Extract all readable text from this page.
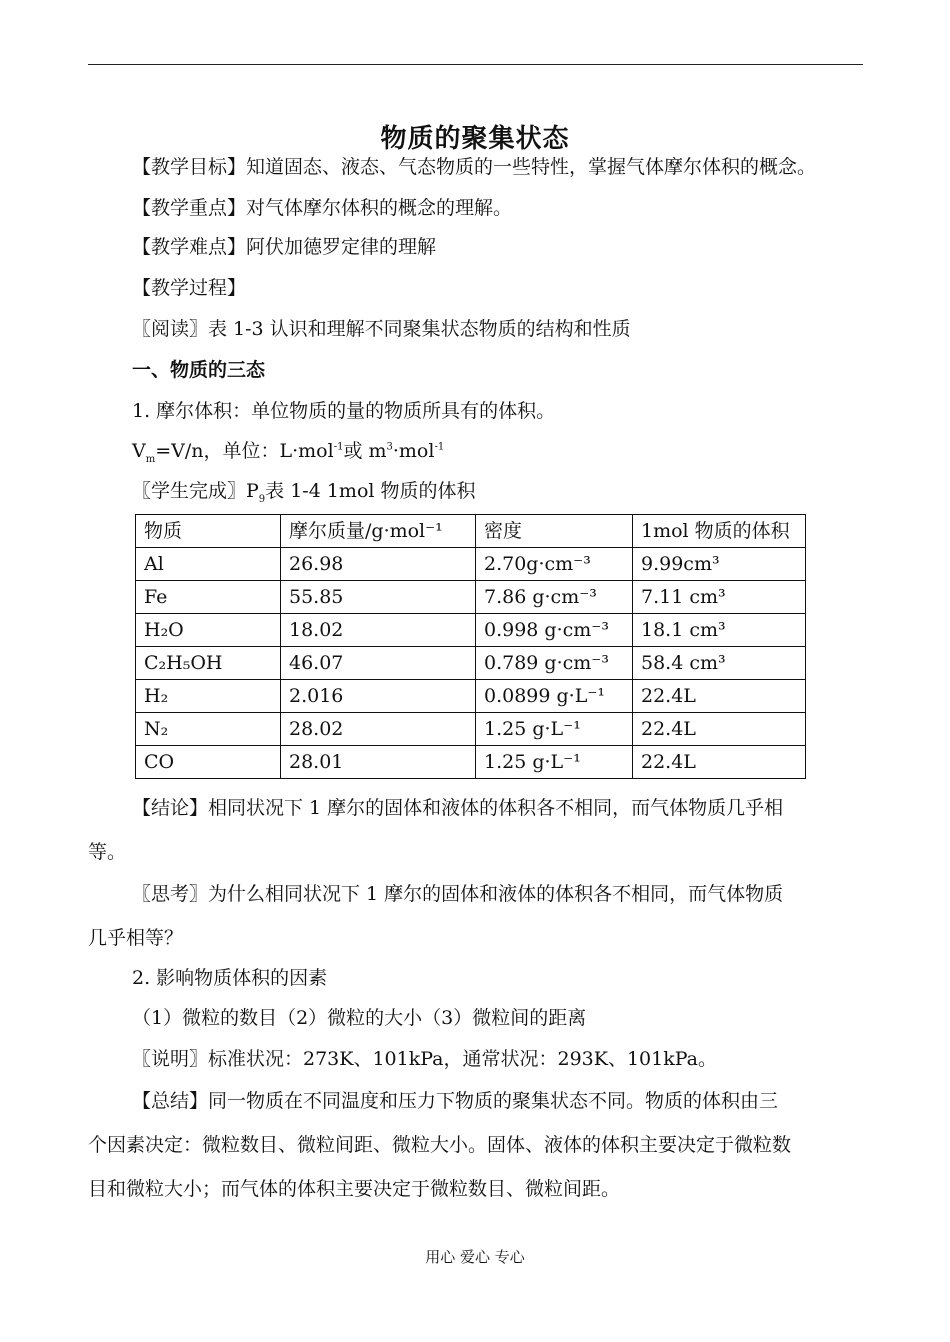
物质的聚集状态
【教学目标】知道固态、液态、气态物质的一些特性，掌握气体摩尔体积的概念。
【教学重点】对气体摩尔体积的概念的理解。
【教学难点】阿伏加德罗定律的理解
【教学过程】
〖阅读〗表 1-3 认识和理解不同聚集状态物质的结构和性质
一、物质的三态
1. 摩尔体积：单位物质的量的物质所具有的体积。
$V_m=V/n$，单位：L·mol$^{-1}$或 $m^3\cdot mol^{-1}$
〖学生完成〗$P_9$表 1-4 1mol 物质的体积
物质	摩尔质量/g·mol⁻¹	密度	1mol 物质的体积
Al	26.98	2.70g·cm⁻³	9.99cm³
Fe	55.85	7.86 g·cm⁻³	7.11 cm³
H₂O	18.02	0.998 g·cm⁻³	18.1 cm³
C₂H₅OH	46.07	0.789 g·cm⁻³	58.4 cm³
H₂	2.016	0.0899 g·L⁻¹	22.4L
N₂	28.02	1.25 g·L⁻¹	22.4L
CO	28.01	1.25 g·L⁻¹	22.4L
【结论】相同状况下 1 摩尔的固体和液体的体积各不相同，而气体物质几乎相
等。
〖思考〗为什么相同状况下 1 摩尔的固体和液体的体积各不相同，而气体物质
几乎相等？
2. 影响物质体积的因素
（1）微粒的数目（2）微粒的大小（3）微粒间的距离
〖说明〗标准状况：273K、101kPa，通常状况：293K、101kPa。
【总结】同一物质在不同温度和压力下物质的聚集状态不同。物质的体积由三
个因素决定：微粒数目、微粒间距、微粒大小。固体、液体的体积主要决定于微粒数
目和微粒大小；而气体的体积主要决定于微粒数目、微粒间距。
用心 爱心 专心
